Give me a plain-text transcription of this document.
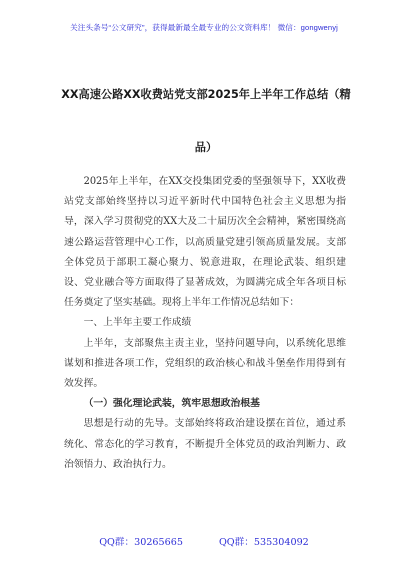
关注头条号“公文研究”，获得最新最全最专业的公文资料库！ 微信：gongwenyj
XX高速公路XX收费站党支部2025年上半年工作总结（精
品）

2025年上半年，在XX交投集团党委的坚强领导下，XX收费站党支部始终坚持以习近平新时代中国特色社会主义思想为指导，深入学习贯彻党的XX大及二十届历次全会精神，紧密围绕高速公路运营管理中心工作，以高质量党建引领高质量发展。支部全体党员于部职工凝心聚力、锐意进取，在理论武装、组织建设、党业融合等方面取得了显著成效，为圆满完成全年各项目标任务奠定了坚实基础。现将上半年工作情况总结如下：

一、上半年主要工作成绩

上半年，支部聚焦主责主业，坚持问题导向，以系统化思维谋划和推进各项工作，党组织的政治核心和战斗堡垒作用得到有效发挥。

（一）强化理论武装，筑牢思想政治根基

思想是行动的先导。支部始终将政治建设摆在首位，通过系统化、常态化的学习教育，不断提升全体党员的政治判断力、政治领悟力、政治执行力。

QQ群：30265665	QQ群：535304092
